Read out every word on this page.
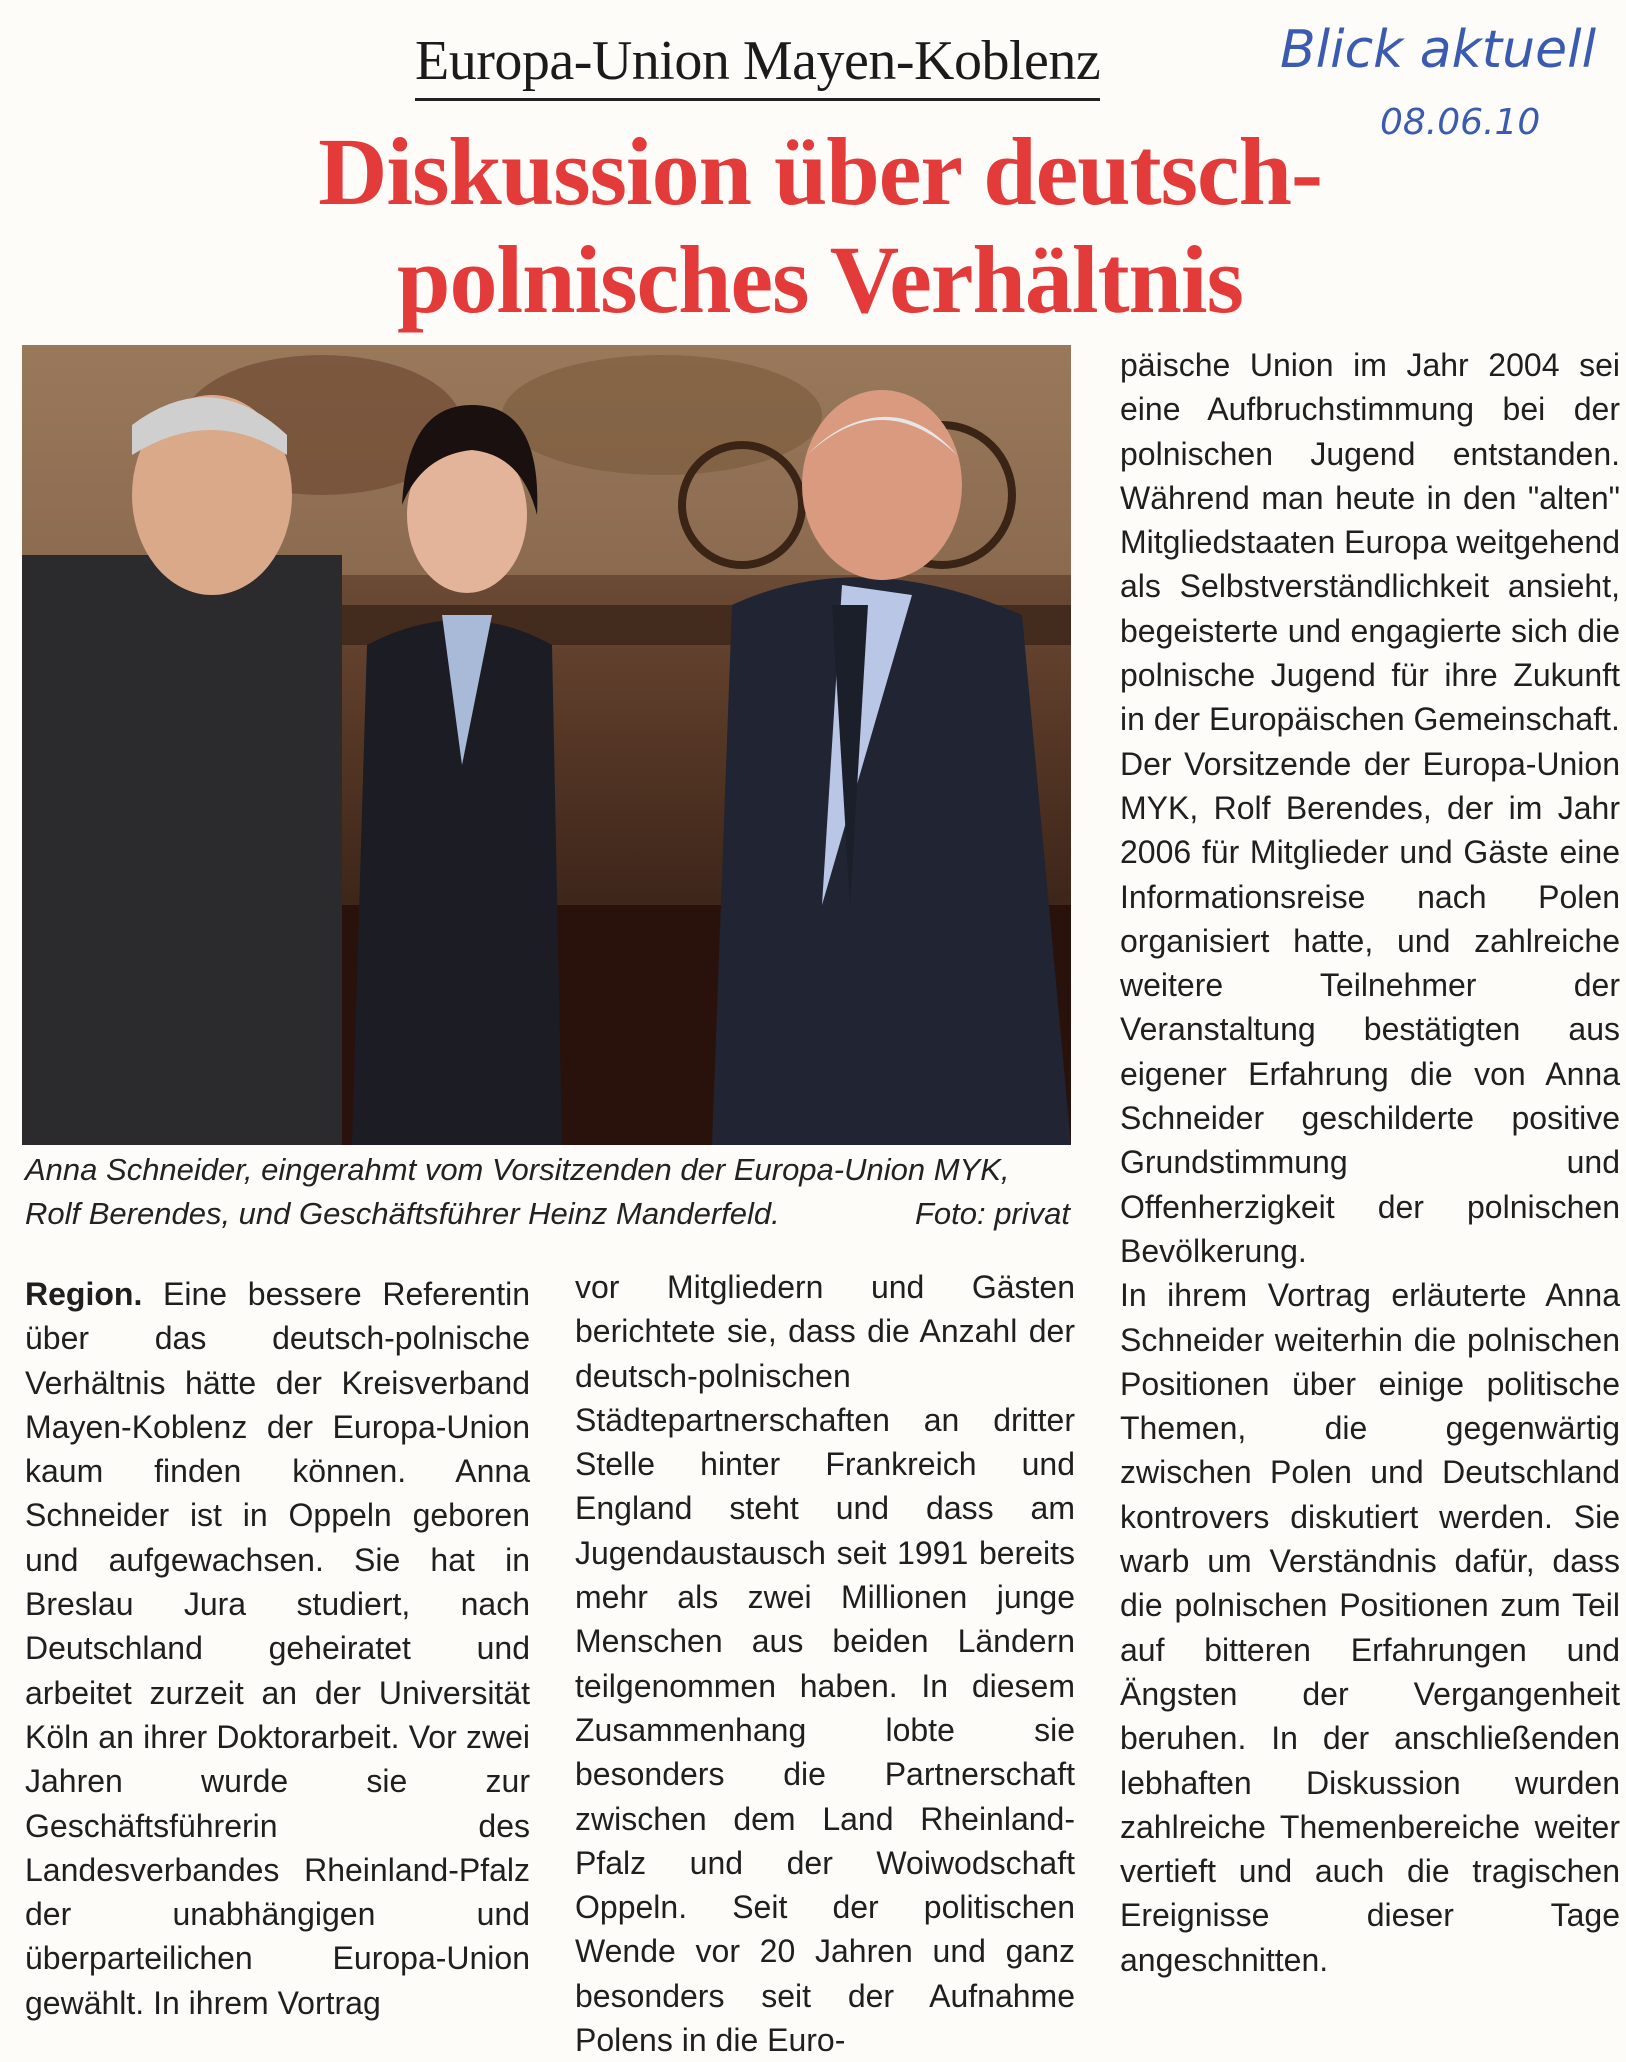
Europa-Union Mayen-Koblenz	Blick aktuell
08.06.10
Diskussion über deutsch-
polnisches Verhältnis
Anna Schneider, eingerahmt vom Vorsitzenden der Europa-Union MYK, Rolf Berendes, und Geschäftsführer Heinz Manderfeld.	Foto: privat

Region. Eine bessere Referentin über das deutsch-polnische Verhältnis hätte der Kreisverband Mayen-Koblenz der Europa-Union kaum finden können. Anna Schneider ist in Oppeln geboren und aufgewachsen. Sie hat in Breslau Jura studiert, nach Deutschland geheiratet und arbeitet zurzeit an der Universität Köln an ihrer Doktorarbeit. Vor zwei Jahren wurde sie zur Geschäftsführerin des Landesverbandes Rheinland-Pfalz der unabhängigen und überparteilichen Europa-Union gewählt. In ihrem Vortrag

vor Mitgliedern und Gästen berichtete sie, dass die Anzahl der deutsch-polnischen Städtepartnerschaften an dritter Stelle hinter Frankreich und England steht und dass am Jugendaustausch seit 1991 bereits mehr als zwei Millionen junge Menschen aus beiden Ländern teilgenommen haben. In diesem Zusammenhang lobte sie besonders die Partnerschaft zwischen dem Land Rheinland-Pfalz und der Woiwodschaft Oppeln. Seit der politischen Wende vor 20 Jahren und ganz besonders seit der Aufnahme Polens in die Euro-

päische Union im Jahr 2004 sei eine Aufbruchstimmung bei der polnischen Jugend entstanden. Während man heute in den "alten" Mitgliedstaaten Europa weitgehend als Selbstverständlichkeit ansieht, begeisterte und engagierte sich die polnische Jugend für ihre Zukunft in der Europäischen Gemeinschaft.

Der Vorsitzende der Europa-Union MYK, Rolf Berendes, der im Jahr 2006 für Mitglieder und Gäste eine Informationsreise nach Polen organisiert hatte, und zahlreiche weitere Teilnehmer der Veranstaltung bestätigten aus eigener Erfahrung die von Anna Schneider geschilderte positive Grundstimmung und Offenherzigkeit der polnischen Bevölkerung.

In ihrem Vortrag erläuterte Anna Schneider weiterhin die polnischen Positionen über einige politische Themen, die gegenwärtig zwischen Polen und Deutschland kontrovers diskutiert werden. Sie warb um Verständnis dafür, dass die polnischen Positionen zum Teil auf bitteren Erfahrungen und Ängsten der Vergangenheit beruhen. In der anschließenden lebhaften Diskussion wurden zahlreiche Themenbereiche weiter vertieft und auch die tragischen Ereignisse dieser Tage angeschnitten.
